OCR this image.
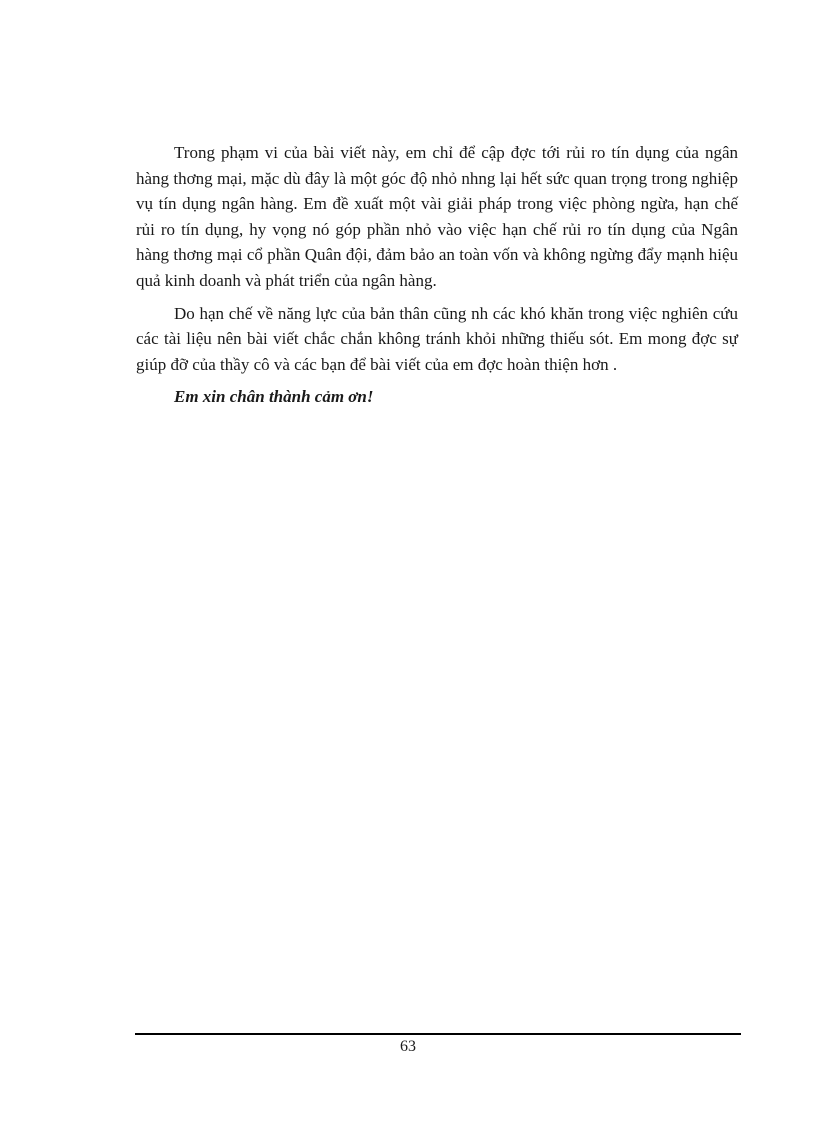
Trong phạm vi của bài viết này, em chỉ để cập đợc tới rủi ro tín dụng của ngân hàng thơng mại, mặc dù đây là một góc độ nhỏ nhng lại hết sức quan trọng trong nghiệp vụ tín dụng ngân hàng. Em đề xuất một vài giải pháp trong việc phòng ngừa, hạn chế rủi ro tín dụng, hy vọng nó góp phần nhỏ vào việc hạn chế rủi ro tín dụng của Ngân hàng thơng mại cổ phần Quân đội, đảm bảo an toàn vốn và không ngừng đẩy mạnh hiệu quả kinh doanh và phát triển của ngân hàng.

Do hạn chế về năng lực của bản thân cũng nh các khó khăn trong việc nghiên cứu các tài liệu nên bài viết chắc chắn không tránh khỏi những thiếu sót. Em mong đợc sự giúp đỡ của thầy cô và các bạn để bài viết của em đợc hoàn thiện hơn .

Em xin chân thành cảm ơn!

63
